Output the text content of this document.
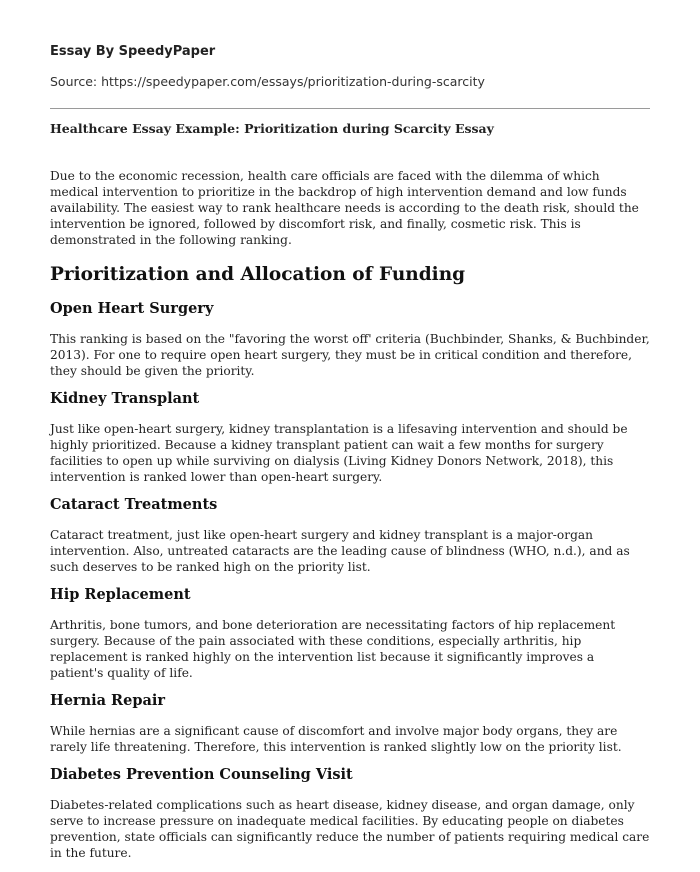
Essay By SpeedyPaper
Source: https://speedypaper.com/essays/prioritization-during-scarcity
Healthcare Essay Example: Prioritization during Scarcity Essay

Due to the economic recession, health care officials are faced with the dilemma of which medical intervention to prioritize in the backdrop of high intervention demand and low funds availability. The easiest way to rank healthcare needs is according to the death risk, should the intervention be ignored, followed by discomfort risk, and finally, cosmetic risk. This is demonstrated in the following ranking.

Prioritization and Allocation of Funding
Open Heart Surgery

This ranking is based on the "favoring the worst off' criteria (Buchbinder, Shanks, & Buchbinder, 2013). For one to require open heart surgery, they must be in critical condition and therefore, they should be given the priority.

Kidney Transplant

Just like open-heart surgery, kidney transplantation is a lifesaving intervention and should be highly prioritized. Because a kidney transplant patient can wait a few months for surgery facilities to open up while surviving on dialysis (Living Kidney Donors Network, 2018), this intervention is ranked lower than open-heart surgery.

Cataract Treatments

Cataract treatment, just like open-heart surgery and kidney transplant is a major-organ intervention. Also, untreated cataracts are the leading cause of blindness (WHO, n.d.), and as such deserves to be ranked high on the priority list.

Hip Replacement

Arthritis, bone tumors, and bone deterioration are necessitating factors of hip replacement surgery. Because of the pain associated with these conditions, especially arthritis, hip replacement is ranked highly on the intervention list because it significantly improves a patient's quality of life.

Hernia Repair

While hernias are a significant cause of discomfort and involve major body organs, they are rarely life threatening. Therefore, this intervention is ranked slightly low on the priority list.

Diabetes Prevention Counseling Visit

Diabetes-related complications such as heart disease, kidney disease, and organ damage, only serve to increase pressure on inadequate medical facilities. By educating people on diabetes prevention, state officials can significantly reduce the number of patients requiring medical care in the future.
